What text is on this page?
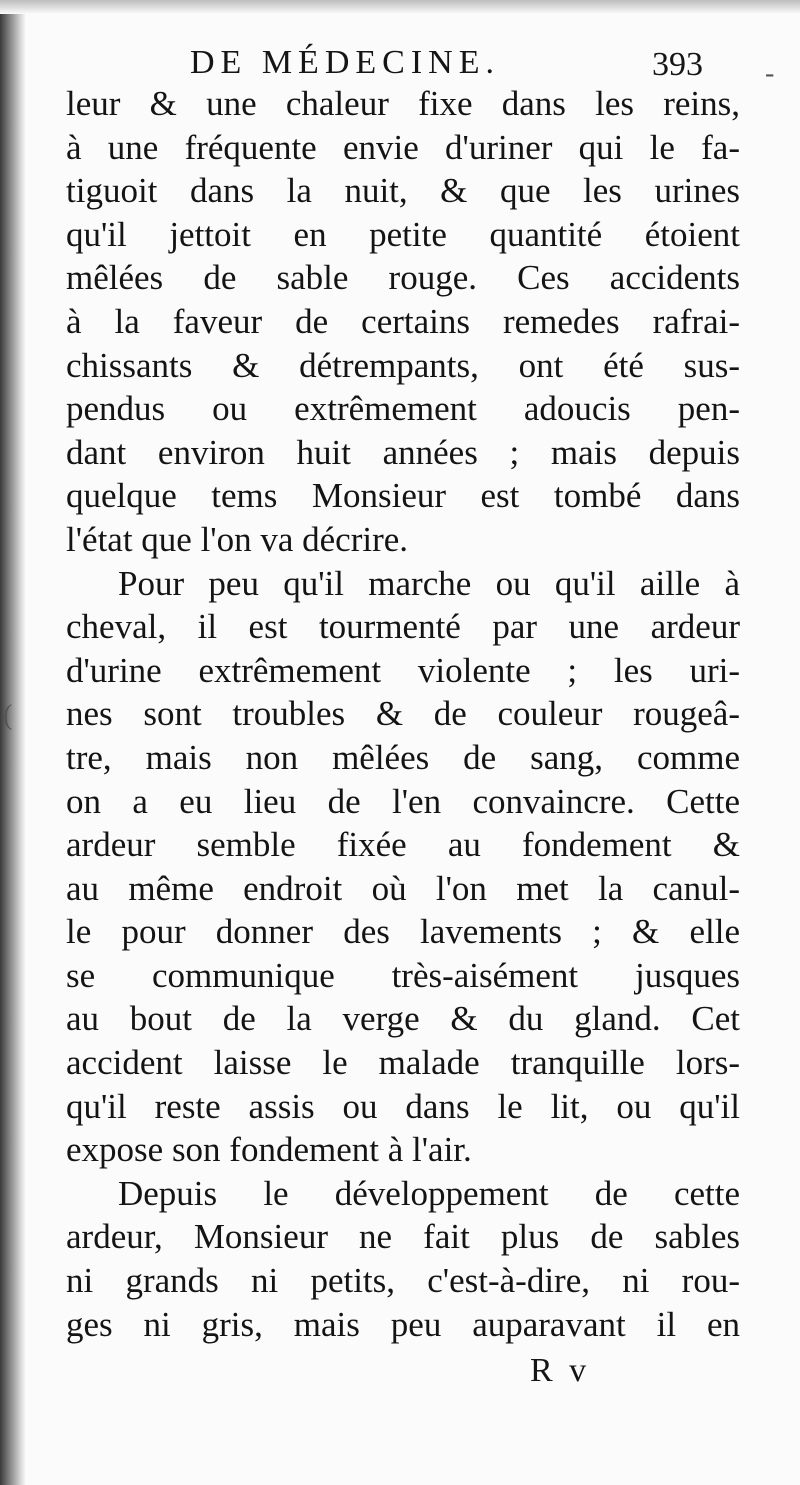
DE MÉDECINE.	393
leur & une chaleur fixe dans les reins,
à une fréquente envie d'uriner qui le fa-
tiguoit dans la nuit, & que les urines
qu'il jettoit en petite quantité étoient
mêlées de sable rouge. Ces accidents
à la faveur de certains remedes rafrai-
chissants & détrempants, ont été sus-
pendus ou extrêmement adoucis pen-
dant environ huit années ; mais depuis
quelque tems Monsieur est tombé dans
l'état que l'on va décrire.
Pour peu qu'il marche ou qu'il aille à
cheval, il est tourmenté par une ardeur
d'urine extrêmement violente ; les uri-
nes sont troubles & de couleur rougeâ-
tre, mais non mêlées de sang, comme
on a eu lieu de l'en convaincre. Cette
ardeur semble fixée au fondement &
au même endroit où l'on met la canul-
le pour donner des lavements ; & elle
se communique très-aisément jusques
au bout de la verge & du gland. Cet
accident laisse le malade tranquille lors-
qu'il reste assis ou dans le lit, ou qu'il
expose son fondement à l'air.
Depuis le développement de cette
ardeur, Monsieur ne fait plus de sables
ni grands ni petits, c'est-à-dire, ni rou-
ges ni gris, mais peu auparavant il en
R v
-
(
